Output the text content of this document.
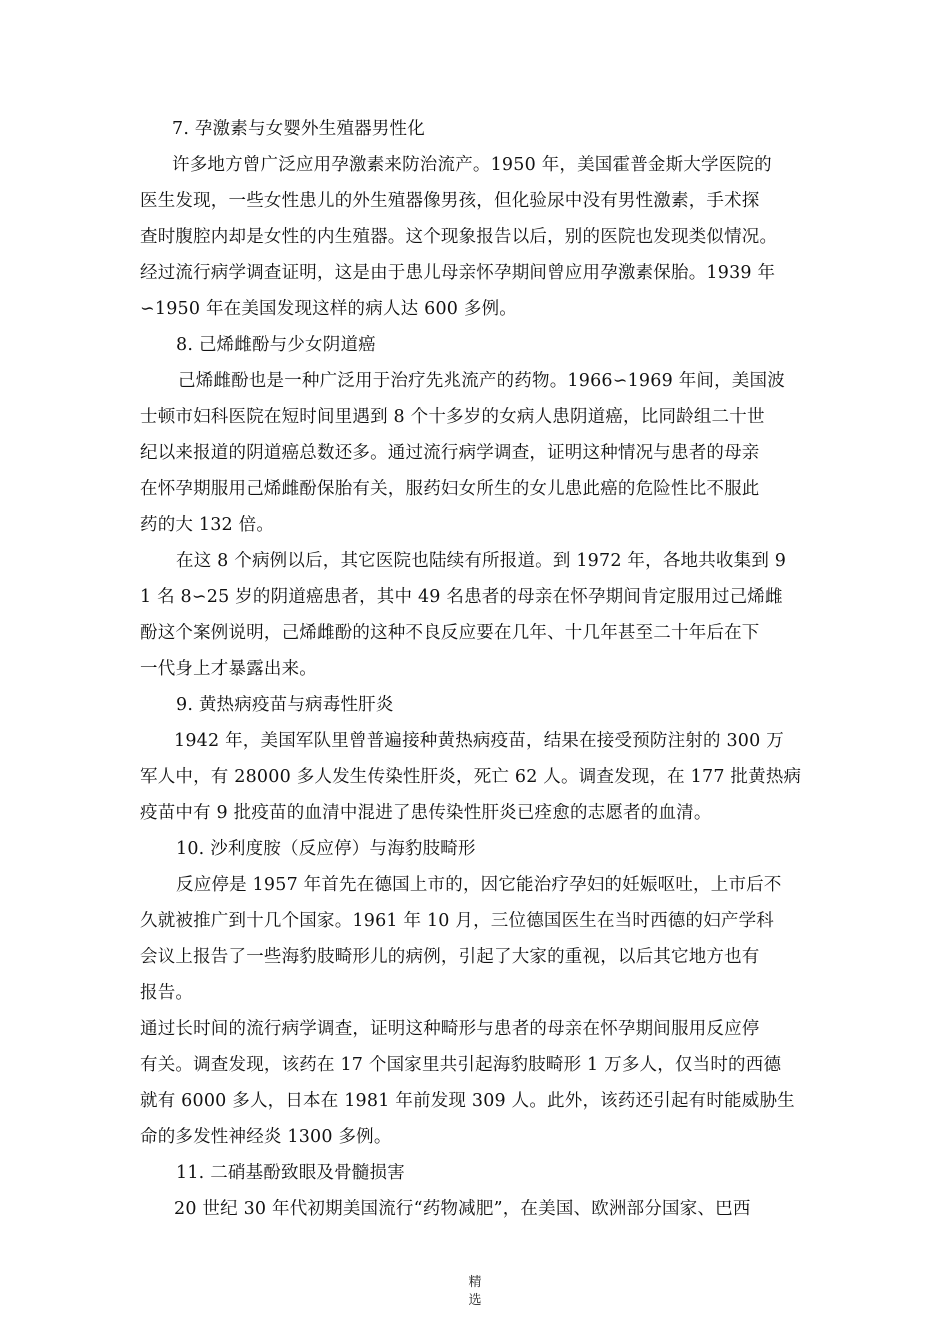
7. 孕激素与女婴外生殖器男性化
许多地方曾广泛应用孕激素来防治流产。1950 年，美国霍普金斯大学医院的
医生发现，一些女性患儿的外生殖器像男孩，但化验尿中没有男性激素，手术探
查时腹腔内却是女性的内生殖器。这个现象报告以后，别的医院也发现类似情况。
经过流行病学调查证明，这是由于患儿母亲怀孕期间曾应用孕激素保胎。1939 年
∽1950 年在美国发现这样的病人达 600 多例。
8. 己烯雌酚与少女阴道癌
己烯雌酚也是一种广泛用于治疗先兆流产的药物。1966∽1969 年间，美国波
士顿市妇科医院在短时间里遇到 8 个十多岁的女病人患阴道癌，比同龄组二十世
纪以来报道的阴道癌总数还多。通过流行病学调查，证明这种情况与患者的母亲
在怀孕期服用己烯雌酚保胎有关，服药妇女所生的女儿患此癌的危险性比不服此
药的大 132 倍。
在这 8 个病例以后，其它医院也陆续有所报道。到 1972 年，各地共收集到 9
1 名 8∽25 岁的阴道癌患者，其中 49 名患者的母亲在怀孕期间肯定服用过己烯雌
酚这个案例说明，己烯雌酚的这种不良反应要在几年、十几年甚至二十年后在下
一代身上才暴露出来。
9. 黄热病疫苗与病毒性肝炎
1942 年，美国军队里曾普遍接种黄热病疫苗，结果在接受预防注射的 300 万
军人中，有 28000 多人发生传染性肝炎，死亡 62 人。调查发现，在 177 批黄热病
疫苗中有 9 批疫苗的血清中混进了患传染性肝炎已痊愈的志愿者的血清。
10. 沙利度胺（反应停）与海豹肢畸形
反应停是 1957 年首先在德国上市的，因它能治疗孕妇的妊娠呕吐，上市后不
久就被推广到十几个国家。1961 年 10 月，三位德国医生在当时西德的妇产学科
会议上报告了一些海豹肢畸形儿的病例，引起了大家的重视，以后其它地方也有
报告。
通过长时间的流行病学调查，证明这种畸形与患者的母亲在怀孕期间服用反应停
有关。调查发现，该药在 17 个国家里共引起海豹肢畸形 1 万多人，仅当时的西德
就有 6000 多人，日本在 1981 年前发现 309 人。此外，该药还引起有时能威胁生
命的多发性神经炎 1300 多例。
11. 二硝基酚致眼及骨髓损害
20 世纪 30 年代初期美国流行“药物减肥”，在美国、欧洲部分国家、巴西
精
选
